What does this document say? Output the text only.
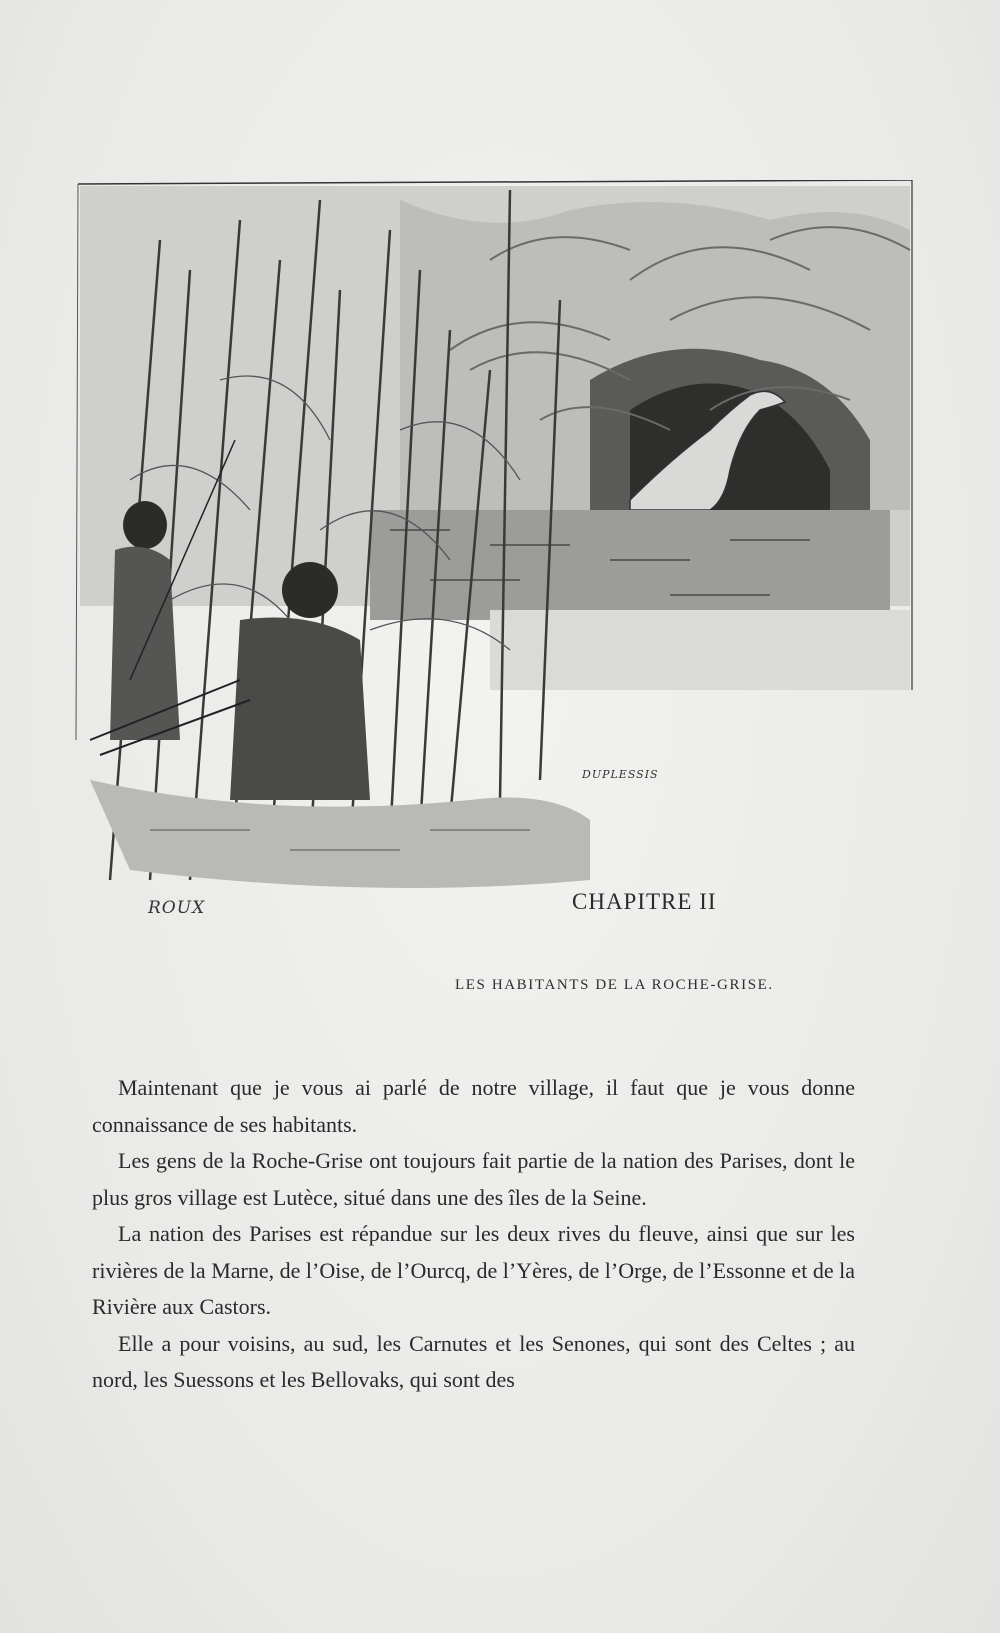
ROUX
DUPLESSIS
CHAPITRE II
LES HABITANTS DE LA ROCHE-GRISE.

Maintenant que je vous ai parlé de notre village, il faut que je vous donne connaissance de ses habitants.

Les gens de la Roche-Grise ont toujours fait partie de la nation des Parises, dont le plus gros village est Lutèce, situé dans une des îles de la Seine.

La nation des Parises est répandue sur les deux rives du fleuve, ainsi que sur les rivières de la Marne, de l’Oise, de l’Ourcq, de l’Yères, de l’Orge, de l’Essonne et de la Rivière aux Castors.

Elle a pour voisins, au sud, les Carnutes et les Senones, qui sont des Celtes ; au nord, les Suessons et les Bellovaks, qui sont des
